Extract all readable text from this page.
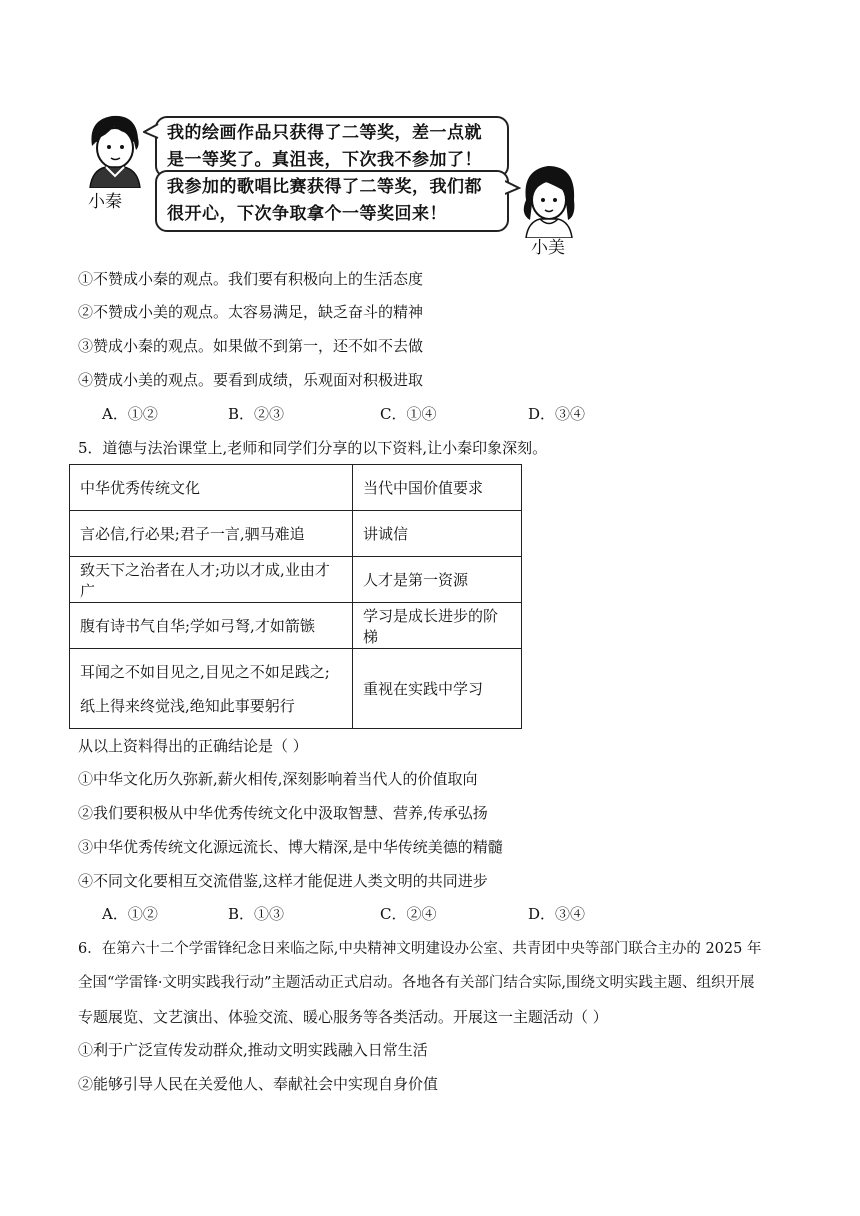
小秦
我的绘画作品只获得了二等奖，差一点就
是一等奖了。真沮丧，下次我不参加了！
我参加的歌唱比赛获得了二等奖，我们都
很开心，下次争取拿个一等奖回来！
小美
①不赞成小秦的观点。我们要有积极向上的生活态度
②不赞成小美的观点。太容易满足，缺乏奋斗的精神
③赞成小秦的观点。如果做不到第一，还不如不去做
④赞成小美的观点。要看到成绩，乐观面对积极进取
A．①②	B．②③	C．①④	D．③④
5．道德与法治课堂上,老师和同学们分享的以下资料,让小秦印象深刻。
中华优秀传统文化	当代中国价值要求
言必信,行必果;君子一言,驷马难追	讲诚信
致天下之治者在人才;功以才成,业由才广	人才是第一资源
腹有诗书气自华;学如弓弩,才如箭镞	学习是成长进步的阶梯

耳闻之不如目见之,目见之不如足践之;
纸上得来终觉浅,绝知此事要躬行	重视在实践中学习
从以上资料得出的正确结论是（ ）
①中华文化历久弥新,薪火相传,深刻影响着当代人的价值取向
②我们要积极从中华优秀传统文化中汲取智慧、营养,传承弘扬
③中华优秀传统文化源远流长、博大精深,是中华传统美德的精髓
④不同文化要相互交流借鉴,这样才能促进人类文明的共同进步
A．①②	B．①③	C．②④	D．③④
6．在第六十二个学雷锋纪念日来临之际,中央精神文明建设办公室、共青团中央等部门联合主办的 2025 年
全国“学雷锋·文明实践我行动”主题活动正式启动。各地各有关部门结合实际,围绕文明实践主题、组织开展
专题展览、文艺演出、体验交流、暖心服务等各类活动。开展这一主题活动（ ）
①利于广泛宣传发动群众,推动文明实践融入日常生活
②能够引导人民在关爱他人、奉献社会中实现自身价值
